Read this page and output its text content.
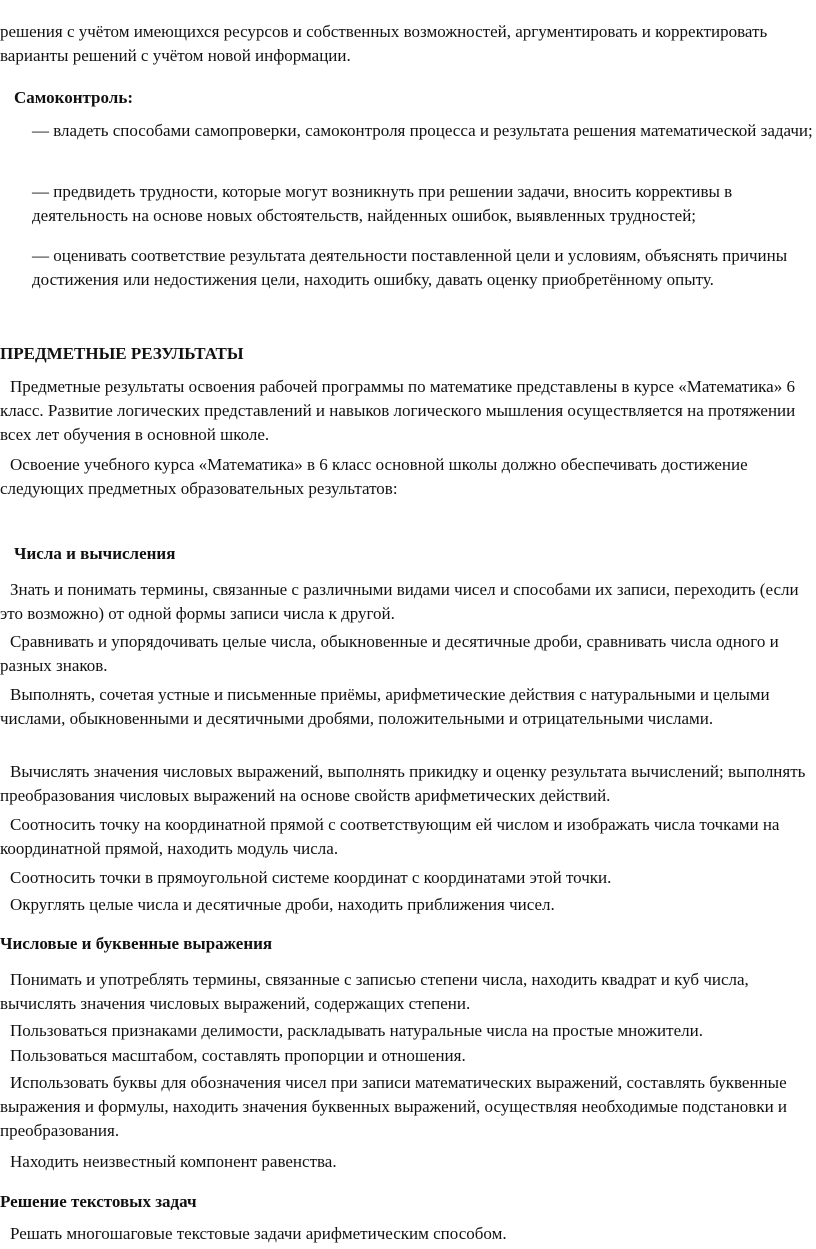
решения с учётом имеющихся ресурсов и собственных возможностей, аргументировать и корректировать варианты решений с учётом новой информации.

Самоконтроль:

— владеть способами самопроверки, самоконтроля процесса и результата решения математической задачи;

— предвидеть трудности, которые могут возникнуть при решении задачи, вносить коррективы в деятельность на основе новых обстоятельств, найденных ошибок, выявленных трудностей;

— оценивать соответствие результата деятельности поставленной цели и условиям, объяснять причины достижения или недостижения цели, находить ошибку, давать оценку приобретённому опыту.

ПРЕДМЕТНЫЕ РЕЗУЛЬТАТЫ

Предметные результаты освоения рабочей программы по математике представлены в курсе «Математика» 6 класс. Развитие логических представлений и навыков логического мышления осуществляется на протяжении всех лет обучения в основной школе.

Освоение учебного курса «Математика» в 6 класс основной школы должно обеспечивать достижение следующих предметных образовательных результатов:

Числа и вычисления

Знать и понимать термины, связанные с различными видами чисел и способами их записи, переходить (если это возможно) от одной формы записи числа к другой.

Сравнивать и упорядочивать целые числа, обыкновенные и десятичные дроби, сравнивать числа одного и разных знаков.

Выполнять, сочетая устные и письменные приёмы, арифметические действия с натуральными и целыми числами, обыкновенными и десятичными дробями, положительными и отрицательными числами.

Вычислять значения числовых выражений, выполнять прикидку и оценку результата вычислений; выполнять преобразования числовых выражений на основе свойств арифметических действий.

Соотносить точку на координатной прямой с соответствующим ей числом и изображать числа точками на координатной прямой, находить модуль числа.

Соотносить точки в прямоугольной системе координат с координатами этой точки.

Округлять целые числа и десятичные дроби, находить приближения чисел.

Числовые и буквенные выражения

Понимать и употреблять термины, связанные с записью степени числа, находить квадрат и куб числа, вычислять значения числовых выражений, содержащих степени.

Пользоваться признаками делимости, раскладывать натуральные числа на простые множители.

Пользоваться масштабом, составлять пропорции и отношения.

Использовать буквы для обозначения чисел при записи математических выражений, составлять буквенные выражения и формулы, находить значения буквенных выражений, осуществляя необходимые подстановки и преобразования.

Находить неизвестный компонент равенства.

Решение текстовых задач

Решать многошаговые текстовые задачи арифметическим способом.
